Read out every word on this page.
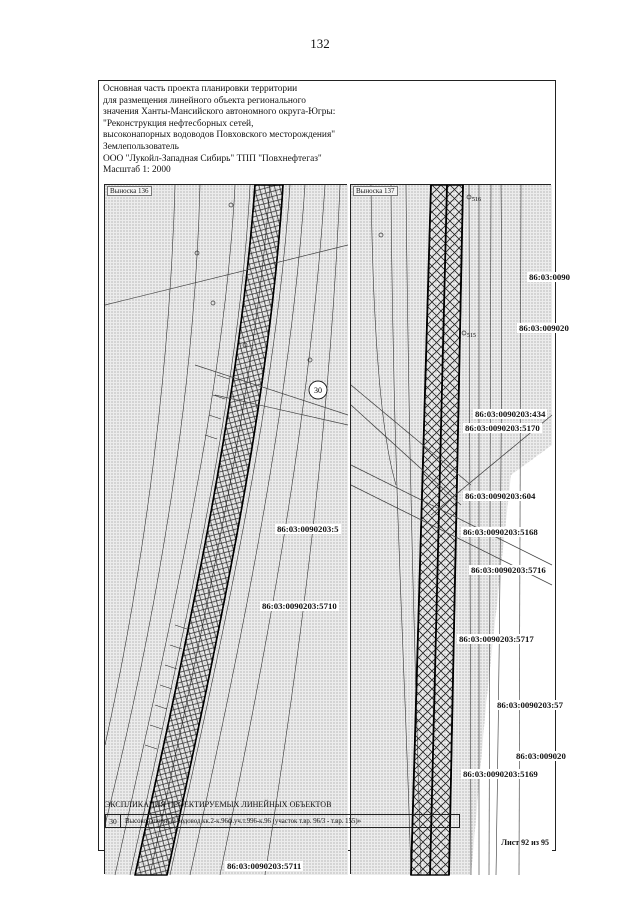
132
Основная часть проекта планировки территории
для размещения линейного объекта регионального
значения Ханты-Мансийского автономного округа-Югры:
"Реконструкция нефтесборных сетей,
высоконапорных водоводов Повховского месторождения"
Землепользователь
ООО "Лукойл-Западная Сибирь" ТПП "Повхнефтегаз"
Масштаб 1: 2000
30
Выноска 136
86:03:0090203:5
86:03:0090203:5710
86:03:0090203:5711
516
515
Выноска 137
86:03:0090
86:03:009020
86:03:0090203:434
86:03:0090203:5170
86:03:0090203:604
86:03:0090203:5168
86:03:0090203:5716
86:03:0090203:5717
86:03:0090203:57
86:03:009020
86:03:0090203:5169
ЭКСПЛИКАЦИЯ ПРОЕКТИРУЕМЫХ ЛИНЕЙНЫХ ОБЪЕКТОВ
30	Высоконапорный водовод кк.2-к.96ф.уч.т.996-к.96 (участок т.вр. 96/3 - т.вр. 155)»
Лист 92 из 95
